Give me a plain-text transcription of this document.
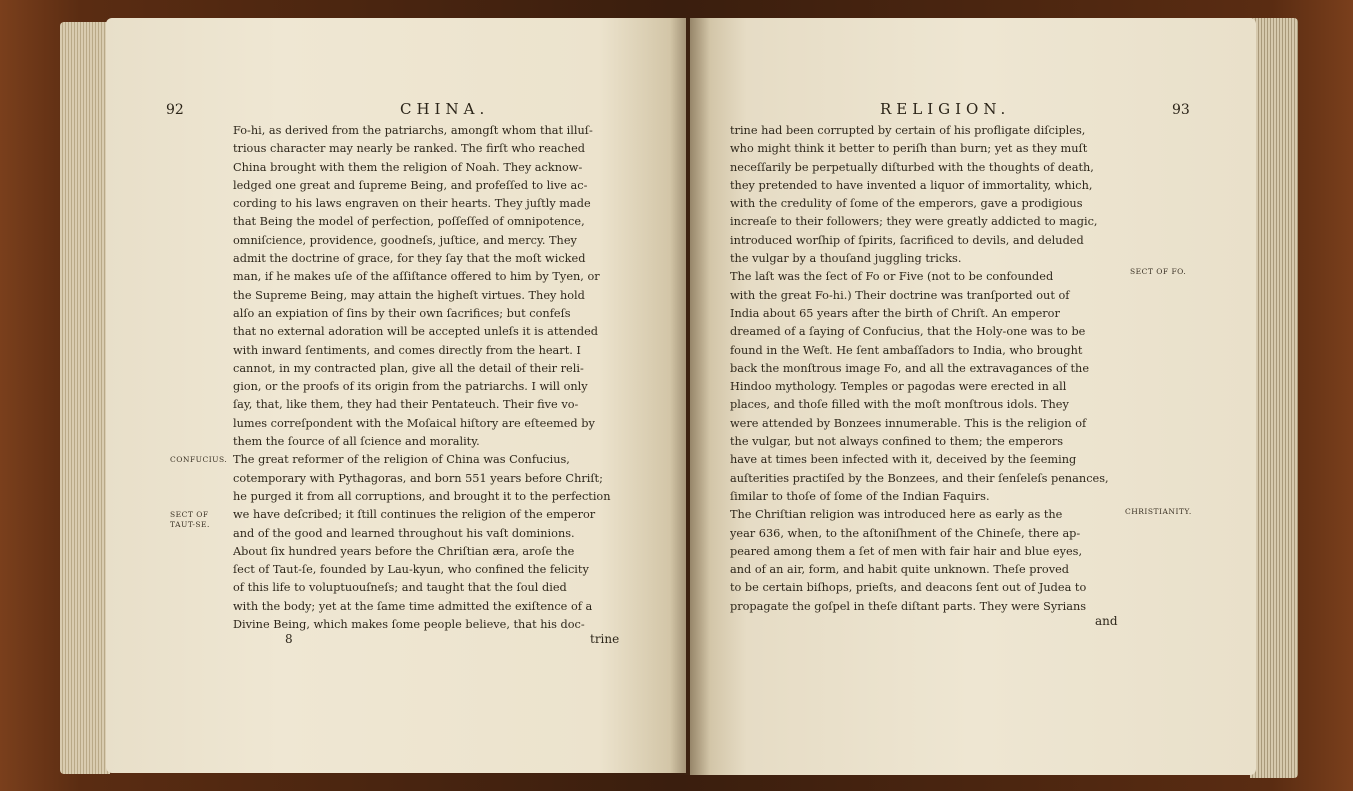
92	CHINA.	RELIGION.	93
Fo-hi, as derived from the patriarchs, amongſt whom that illuſ-
trious character may nearly be ranked. The firſt who reached
China brought with them the religion of Noah. They acknow-
ledged one great and ſupreme Being, and profeſſed to live ac-
cording to his laws engraven on their hearts. They juſtly made
that Being the model of perfection, poſſeſſed of omnipotence,
omniſcience, providence, goodneſs, juſtice, and mercy. They
admit the doctrine of grace, for they ſay that the moſt wicked
man, if he makes uſe of the aſſiſtance offered to him by Tyen, or
the Supreme Being, may attain the higheſt virtues. They hold
alſo an expiation of ſins by their own ſacrifices; but confeſs
that no external adoration will be accepted unleſs it is attended
with inward ſentiments, and comes directly from the heart. I
cannot, in my contracted plan, give all the detail of their reli-
gion, or the proofs of its origin from the patriarchs. I will only
ſay, that, like them, they had their Pentateuch. Their five vo-
lumes correſpondent with the Moſaical hiſtory are eſteemed by
them the ſource of all ſcience and morality.
The great reformer of the religion of China was Confucius,
cotemporary with Pythagoras, and born 551 years before Chriſt;
he purged it from all corruptions, and brought it to the perfection
we have deſcribed; it ſtill continues the religion of the emperor
and of the good and learned throughout his vaſt dominions.
About ſix hundred years before the Chriſtian æra, aroſe the
ſect of Taut-ſe, founded by Lau-kyun, who confined the felicity
of this life to voluptuouſneſs; and taught that the ſoul died
with the body; yet at the ſame time admitted the exiſtence of a
Divine Being, which makes ſome people believe, that his doc-
trine had been corrupted by certain of his profligate diſciples,
who might think it better to periſh than burn; yet as they muſt
neceſſarily be perpetually diſturbed with the thoughts of death,
they pretended to have invented a liquor of immortality, which,
with the credulity of ſome of the emperors, gave a prodigious
increaſe to their followers; they were greatly addicted to magic,
introduced worſhip of ſpirits, ſacrificed to devils, and deluded
the vulgar by a thouſand juggling tricks.
The laſt was the ſect of Fo or Five (not to be confounded
with the great Fo-hi.) Their doctrine was tranſported out of
India about 65 years after the birth of Chriſt. An emperor
dreamed of a ſaying of Confucius, that the Holy-one was to be
found in the Weſt. He ſent ambaſſadors to India, who brought
back the monſtrous image Fo, and all the extravagances of the
Hindoo mythology. Temples or pagodas were erected in all
places, and thoſe filled with the moſt monſtrous idols. They
were attended by Bonzees innumerable. This is the religion of
the vulgar, but not always confined to them; the emperors
have at times been infected with it, deceived by the ſeeming
auſterities practiſed by the Bonzees, and their ſenſeleſs penances,
ſimilar to thoſe of ſome of the Indian Faquirs.
The Chriſtian religion was introduced here as early as the
year 636, when, to the aſtoniſhment of the Chineſe, there ap-
peared among them a ſet of men with fair hair and blue eyes,
and of an air, form, and habit quite unknown. Theſe proved
to be certain biſhops, prieſts, and deacons ſent out of Judea to
propagate the goſpel in theſe diſtant parts. They were Syrians
CONFUCIUS.
SECT OF TAUT-SE.
SECT OF FO.
CHRISTIANITY.
8	trine
and
